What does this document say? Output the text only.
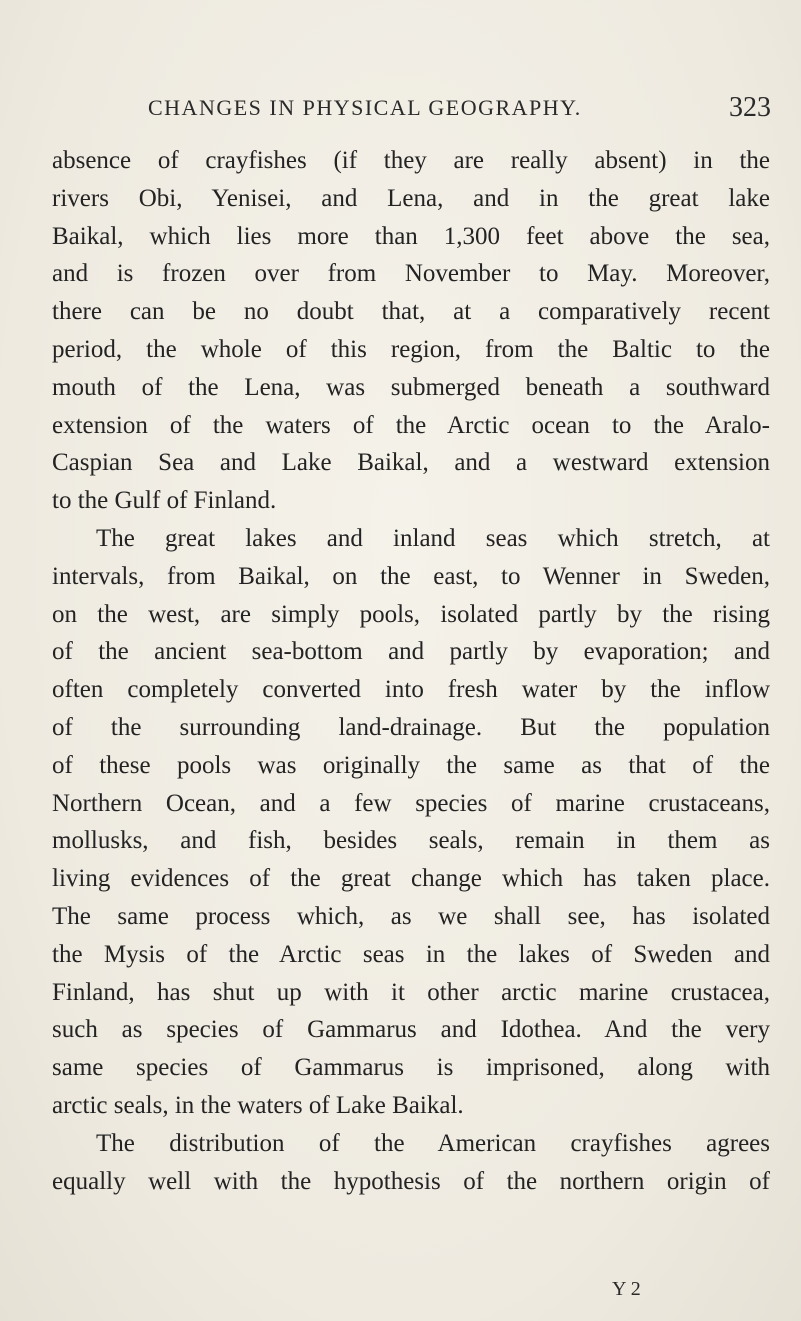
CHANGES IN PHYSICAL GEOGRAPHY.	323
absence of crayfishes (if they are really absent) in the
rivers Obi, Yenisei, and Lena, and in the great lake
Baikal, which lies more than 1,300 feet above the sea,
and is frozen over from November to May. Moreover,
there can be no doubt that, at a comparatively recent
period, the whole of this region, from the Baltic to the
mouth of the Lena, was submerged beneath a southward
extension of the waters of the Arctic ocean to the Aralo-
Caspian Sea and Lake Baikal, and a westward extension
to the Gulf of Finland.
The great lakes and inland seas which stretch, at
intervals, from Baikal, on the east, to Wenner in Sweden,
on the west, are simply pools, isolated partly by the rising
of the ancient sea-bottom and partly by evaporation; and
often completely converted into fresh water by the inflow
of the surrounding land-drainage. But the population
of these pools was originally the same as that of the
Northern Ocean, and a few species of marine crustaceans,
mollusks, and fish, besides seals, remain in them as
living evidences of the great change which has taken place.
The same process which, as we shall see, has isolated
the Mysis of the Arctic seas in the lakes of Sweden and
Finland, has shut up with it other arctic marine crustacea,
such as species of Gammarus and Idothea. And the very
same species of Gammarus is imprisoned, along with
arctic seals, in the waters of Lake Baikal.
The distribution of the American crayfishes agrees
equally well with the hypothesis of the northern origin of
Y 2
